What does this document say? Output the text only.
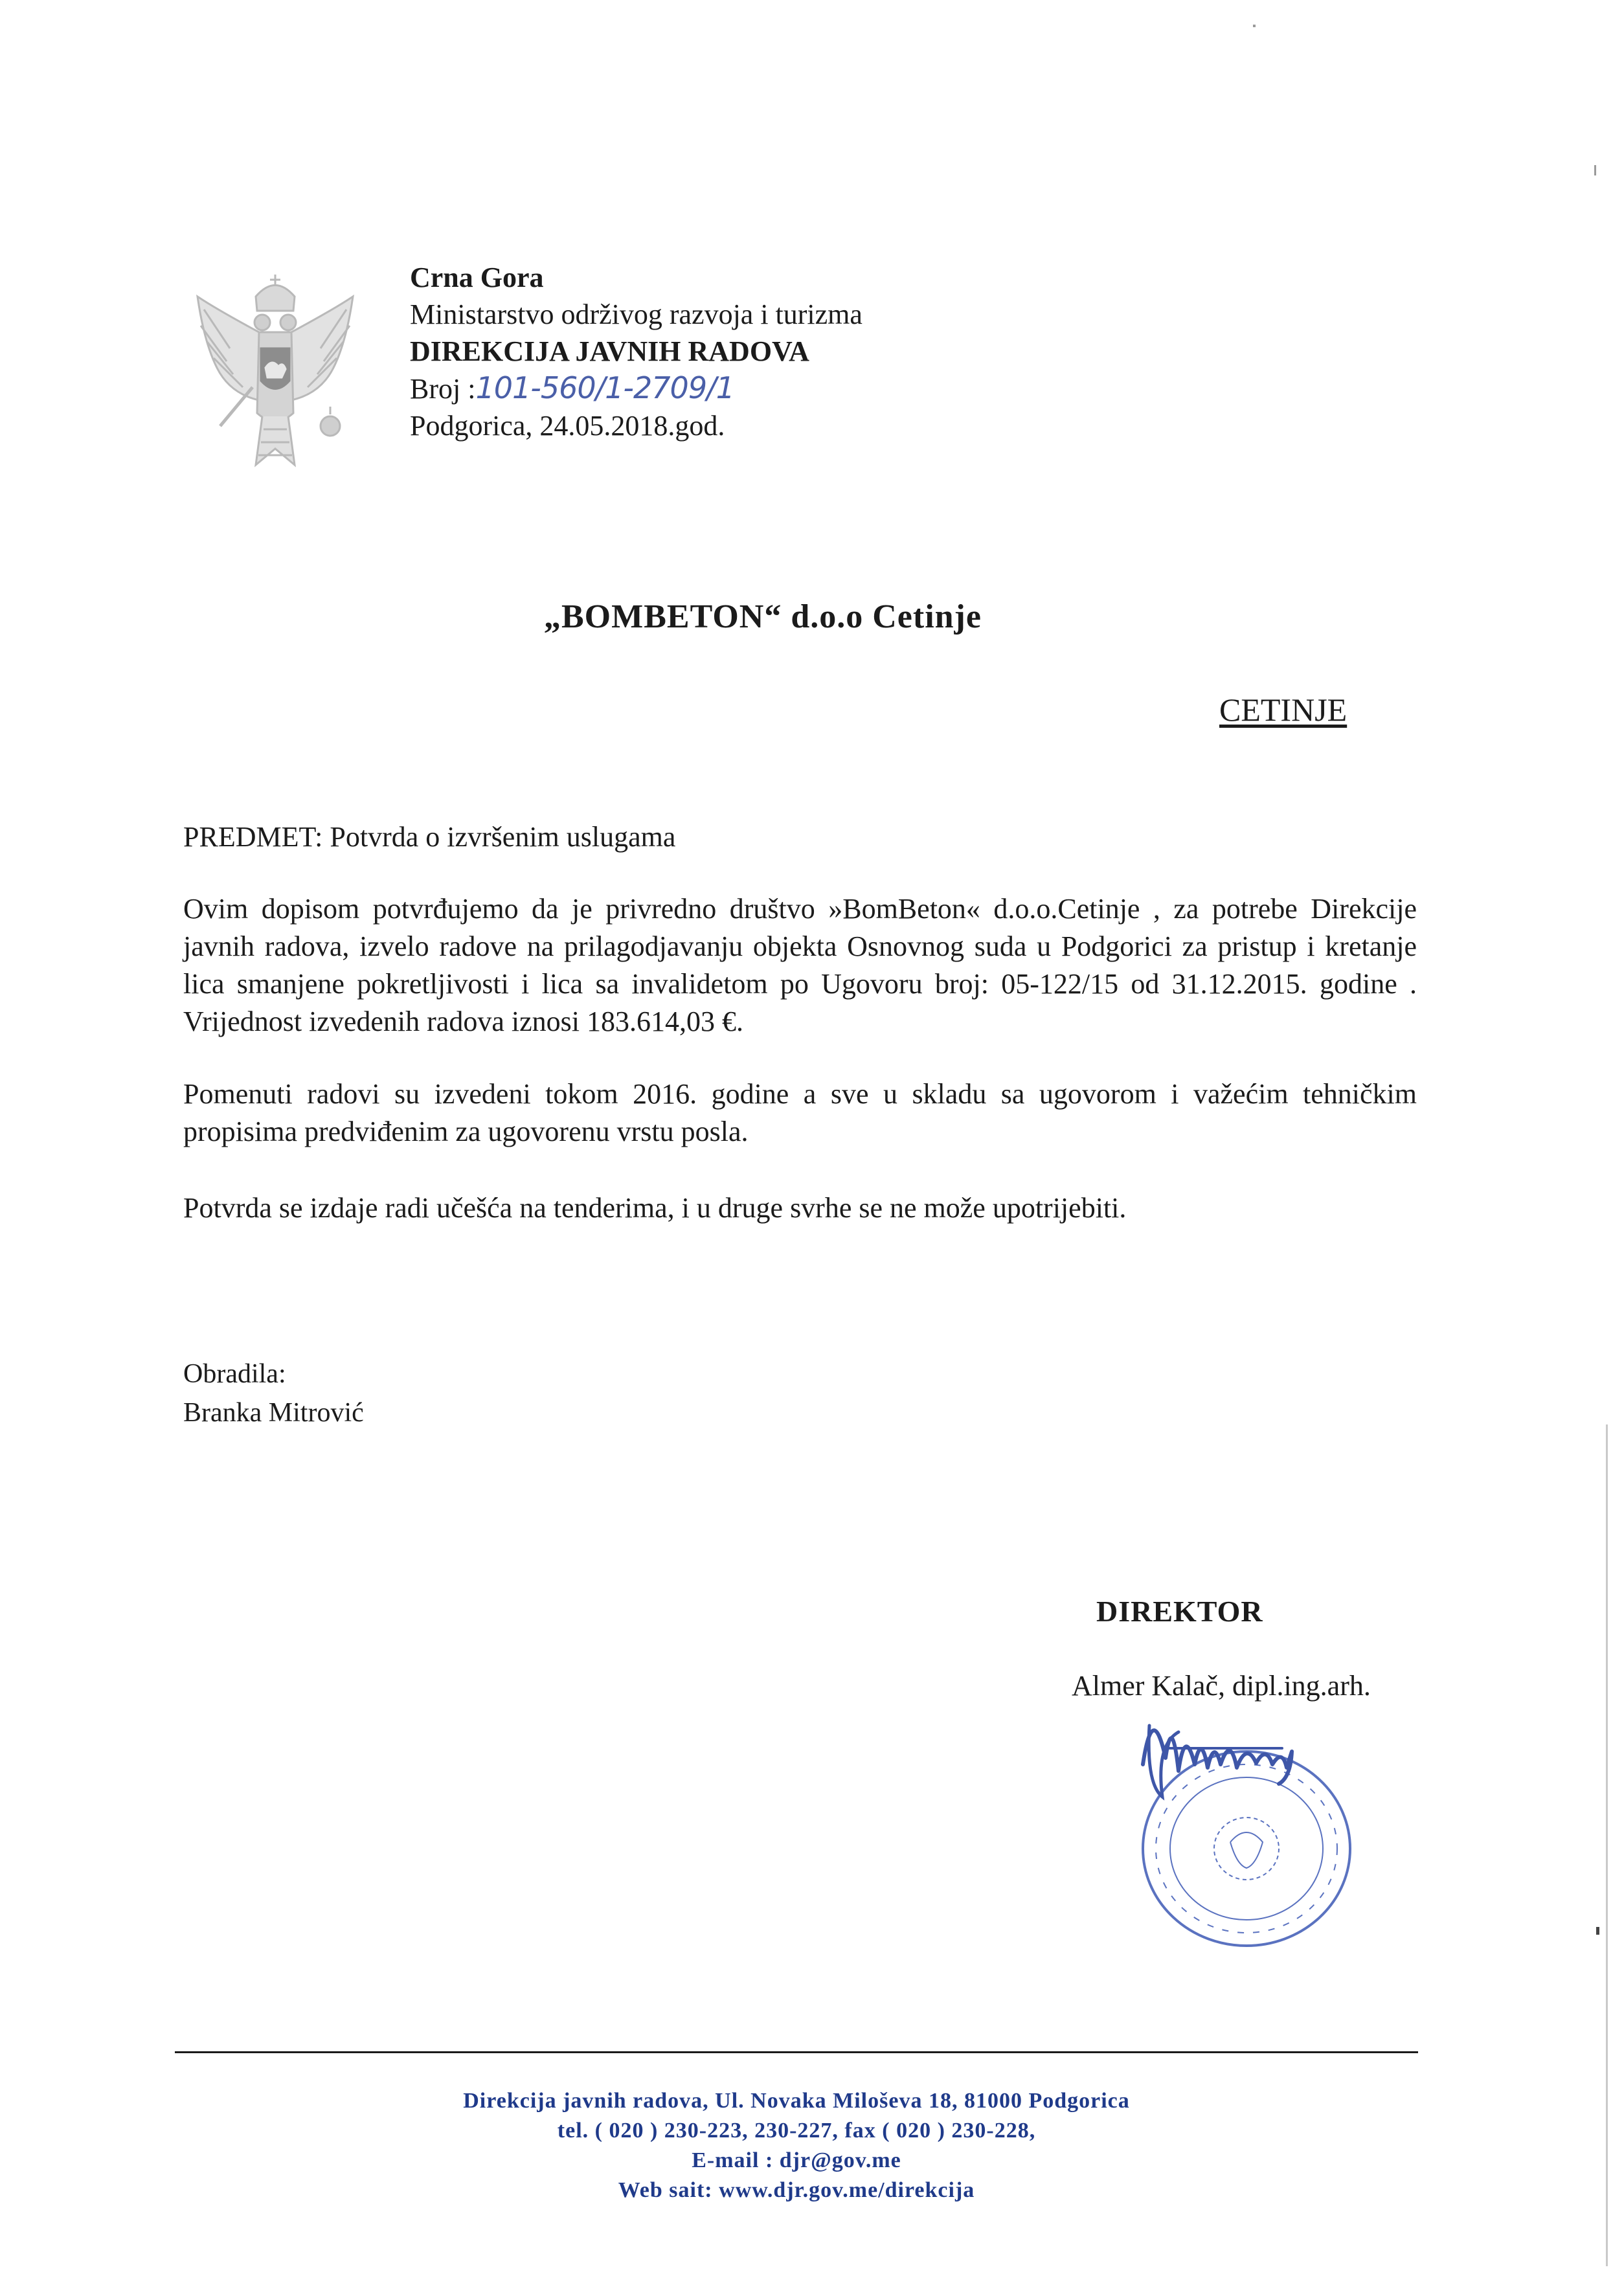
Crna Gora
Ministarstvo održivog razvoja i turizma
DIREKCIJA JAVNIH RADOVA
Broj :101-560/1-2709/1
Podgorica, 24.05.2018.god.
„BOMBETON“ d.o.o Cetinje
CETINJE
PREDMET: Potvrda o izvršenim uslugama
Ovim dopisom potvrđujemo da je privredno društvo »BomBeton« d.o.o.Cetinje , za potrebe Direkcije javnih radova, izvelo radove na prilagodjavanju objekta Osnovnog suda u Podgorici za pristup i kretanje lica smanjene pokretljivosti i lica sa invalidetom po Ugovoru broj: 05-122/15 od 31.12.2015. godine . Vrijednost izvedenih radova iznosi 183.614,03 €.
Pomenuti radovi su izvedeni tokom 2016. godine a sve u skladu sa ugovorom i važećim tehničkim propisima predviđenim za ugovorenu vrstu posla.
Potvrda se izdaje radi učešća na tenderima, i u druge svrhe se ne može upotrijebiti.
Obradila:
Branka Mitrović
DIREKTOR
Almer Kalač, dipl.ing.arh.
Direkcija javnih radova, Ul. Novaka Miloševa 18, 81000 Podgorica
tel. ( 020 ) 230-223, 230-227, fax ( 020 ) 230-228,
E-mail : djr@gov.me
Web sait: www.djr.gov.me/direkcija
